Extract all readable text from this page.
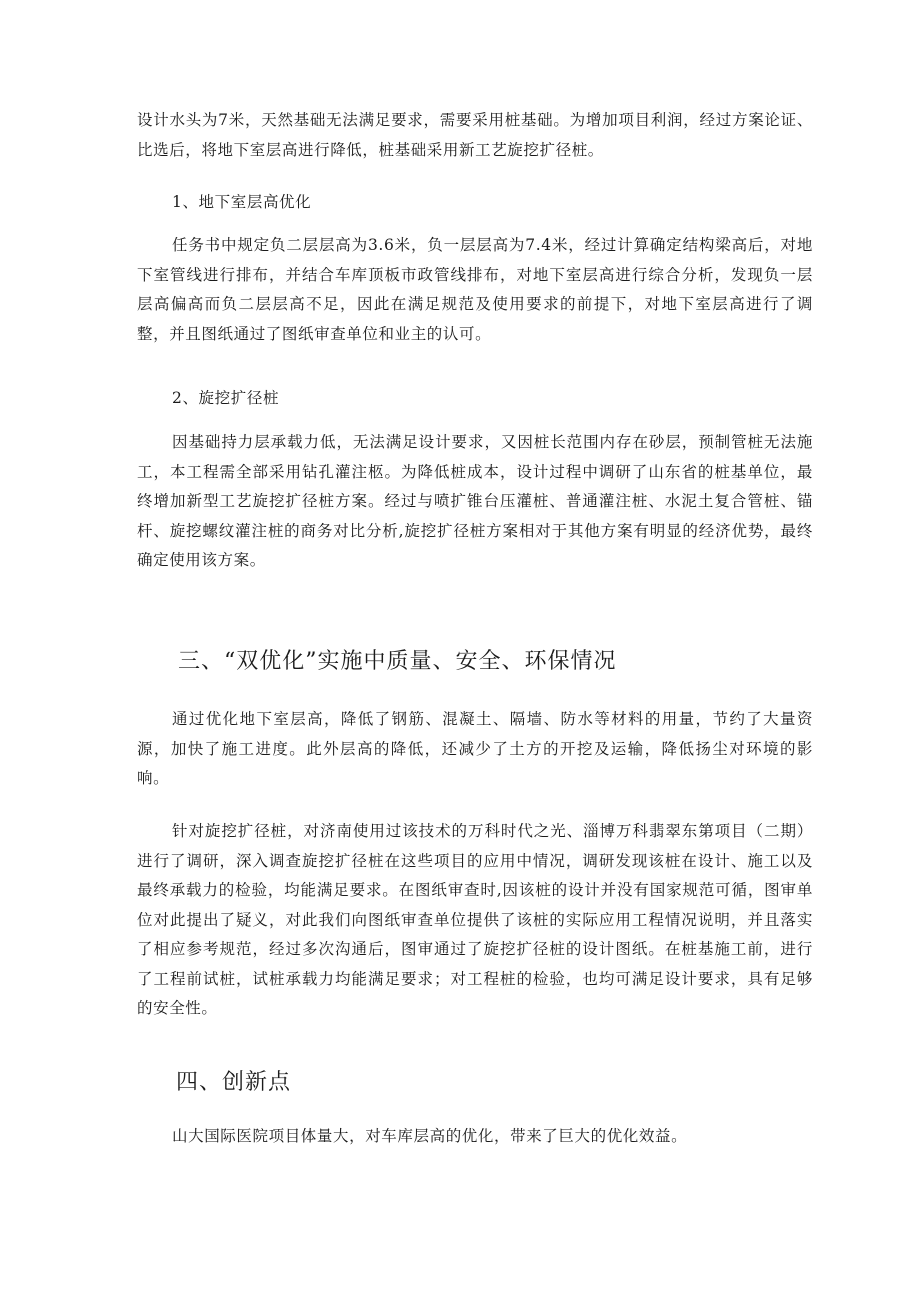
设计水头为7米，天然基础无法满足要求，需要采用桩基础。为增加项目利润，经过方案论证、比选后，将地下室层高进行降低，桩基础采用新工艺旋挖扩径桩。

1、地下室层高优化

任务书中规定负二层层高为3.6米，负一层层高为7.4米，经过计算确定结构梁高后，对地下室管线进行排布，并结合车库顶板市政管线排布，对地下室层高进行综合分析，发现负一层层高偏高而负二层层高不足，因此在满足规范及使用要求的前提下，对地下室层高进行了调整，并且图纸通过了图纸审查单位和业主的认可。

2、旋挖扩径桩

因基础持力层承载力低，无法满足设计要求，又因桩长范围内存在砂层，预制管桩无法施工，本工程需全部采用钻孔灌注柩。为降低桩成本，设计过程中调研了山东省的桩基单位，最终增加新型工艺旋挖扩径桩方案。经过与喷扩锥台压灌桩、普通灌注桩、水泥土复合管桩、锚杆、旋挖螺纹灌注桩的商务对比分析,旋挖扩径桩方案相对于其他方案有明显的经济优势，最终确定使用该方案。

三、“双优化”实施中质量、安全、环保情况

通过优化地下室层高，降低了钢筋、混凝土、隔墙、防水等材料的用量，节约了大量资源，加快了施工进度。此外层高的降低，还减少了土方的开挖及运输，降低扬尘对环境的影响。

针对旋挖扩径桩，对济南使用过该技术的万科时代之光、淄博万科翡翠东第项目（二期）进行了调研，深入调查旋挖扩径桩在这些项目的应用中情况，调研发现该桩在设计、施工以及最终承载力的检验，均能满足要求。在图纸审查时,因该桩的设计并没有国家规范可循，图审单位对此提出了疑义，对此我们向图纸审查单位提供了该桩的实际应用工程情况说明，并且落实了相应参考规范，经过多次沟通后，图审通过了旋挖扩径桩的设计图纸。在桩基施工前，进行了工程前试桩，试桩承载力均能满足要求；对工程桩的检验，也均可满足设计要求，具有足够的安全性。

四、创新点

山大国际医院项目体量大，对车库层高的优化，带来了巨大的优化效益。
